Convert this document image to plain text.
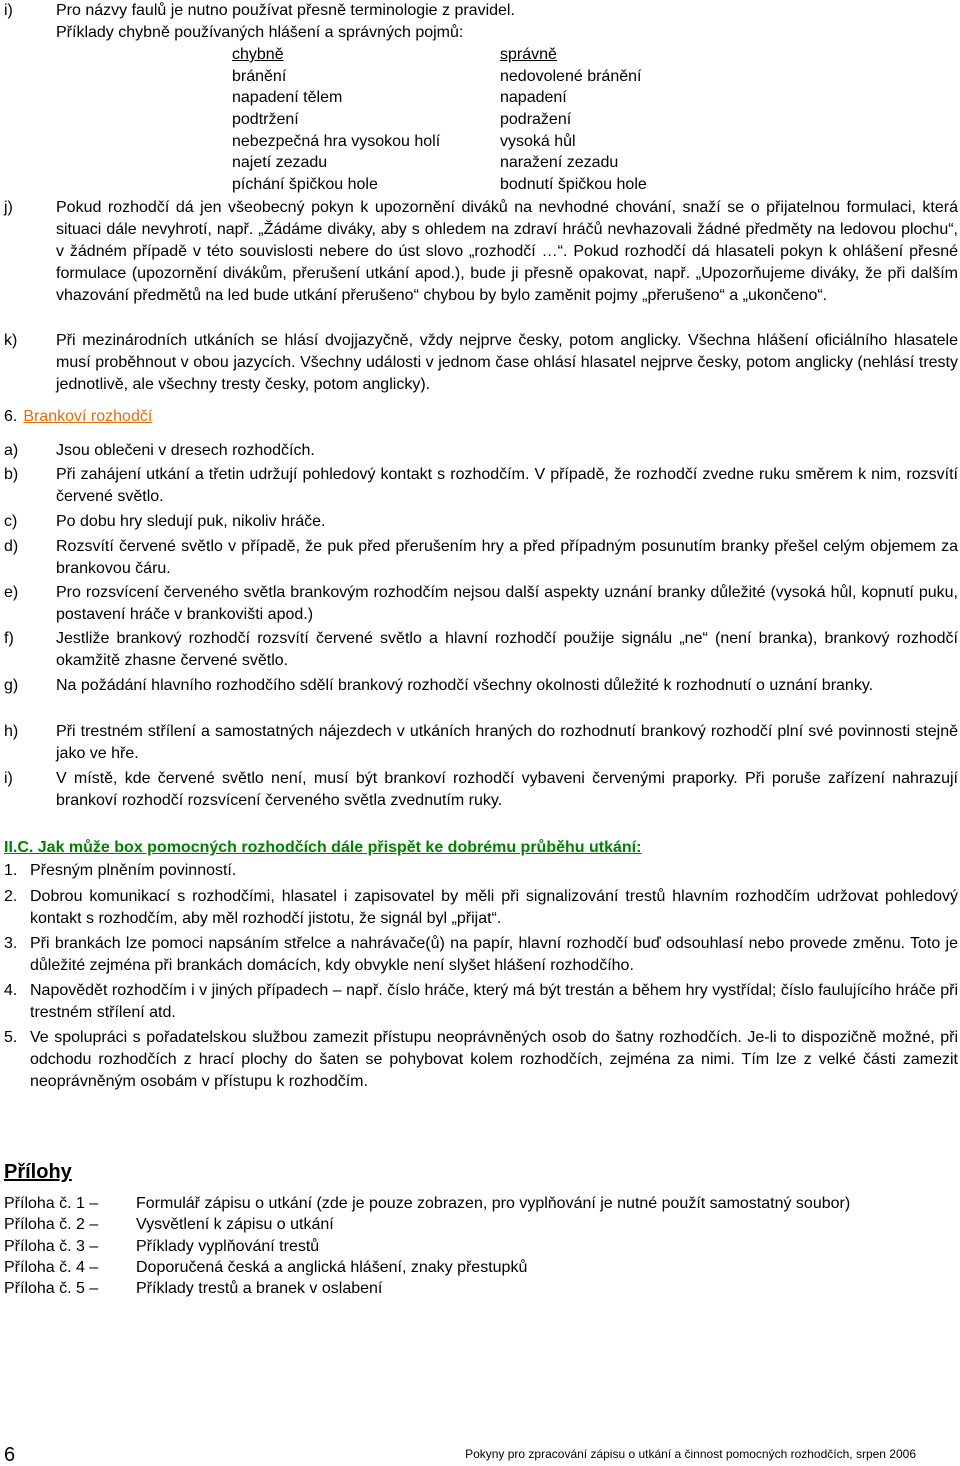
i)	Pro názvy faulů je nutno používat přesně terminologie z pravidel.
Příklady chybně používaných hlášení a správných pojmů:
chybně	správně
bránění	nedovolené bránění
napadení tělem	napadení
podtržení	podražení
nebezpečná hra vysokou holí	vysoká hůl
najetí zezadu	naražení zezadu
píchání špičkou hole	bodnutí špičkou hole
j)	Pokud rozhodčí dá jen všeobecný pokyn k upozornění diváků na nevhodné chování, snaží se o přijatelnou formulaci, která situaci dále nevyhrotí, např. „Žádáme diváky, aby s ohledem na zdraví hráčů nevhazovali žádné předměty na ledovou plochu“, v žádném případě v této souvislosti nebere do úst slovo „rozhodčí …“. Pokud rozhodčí dá hlasateli pokyn k ohlášení přesné formulace (upozornění divákům, přerušení utkání apod.), bude ji přesně opakovat, např. „Upozorňujeme diváky, že při dalším vhazování předmětů na led bude utkání přerušeno“ chybou by bylo zaměnit pojmy „přerušeno“ a „ukončeno“.
k) Při mezinárodních utkáních se hlásí dvojjazyčně, vždy nejprve česky, potom anglicky. Všechna hlášení oficiálního hlasatele musí proběhnout v obou jazycích. Všechny události v jednom čase ohlásí hlasatel nejprve česky, potom anglicky (nehlásí tresty jednotlivě, ale všechny tresty česky, potom anglicky).
6. Brankoví rozhodčí
a) Jsou oblečeni v dresech rozhodčích.
b) Při zahájení utkání a třetin udržují pohledový kontakt s rozhodčím. V případě, že rozhodčí zvedne ruku směrem k nim, rozsvítí červené světlo.
c) Po dobu hry sledují puk, nikoliv hráče.
d) Rozsvítí červené světlo v případě, že puk před přerušením hry a před případným posunutím branky přešel celým objemem za brankovou čáru.
e) Pro rozsvícení červeného světla brankovým rozhodčím nejsou další aspekty uznání branky důležité (vysoká hůl, kopnutí puku, postavení hráče v brankovišti apod.)
f)	Jestliže brankový rozhodčí rozsvítí červené světlo a hlavní rozhodčí použije signálu „ne“ (není branka), brankový rozhodčí okamžitě zhasne červené světlo.
g) Na požádání hlavního rozhodčího sdělí brankový rozhodčí všechny okolnosti důležité k rozhodnutí o uznání branky.
h) Při trestném střílení a samostatných nájezdech v utkáních hraných do rozhodnutí brankový rozhodčí plní své povinnosti stejně jako ve hře.
i)	V místě, kde červené světlo není, musí být brankoví rozhodčí vybaveni červenými praporky. Při poruše zařízení nahrazují brankoví rozhodčí rozsvícení červeného světla zvednutím ruky.
II.C. Jak může box pomocných rozhodčích dále přispět ke dobrému průběhu utkání:
1. Přesným plněním povinností.
2. Dobrou komunikací s rozhodčími, hlasatel i zapisovatel by měli při signalizování trestů hlavním rozhodčím udržovat pohledový kontakt s rozhodčím, aby měl rozhodčí jistotu, že signál byl „přijat“.
3. Při brankách lze pomoci napsáním střelce a nahrávače(ů) na papír, hlavní rozhodčí buď odsouhlasí nebo provede změnu. Toto je důležité zejména při brankách domácích, kdy obvykle není slyšet hlášení rozhodčího.
4. Napovědět rozhodčím i v jiných případech – např. číslo hráče, který má být trestán a během hry vystřídal; číslo faulujícího hráče při trestném střílení atd.
5. Ve spolupráci s pořadatelskou službou zamezit přístupu neoprávněných osob do šatny rozhodčích. Je-li to dispozičně možné, při odchodu rozhodčích z hrací plochy do šaten se pohybovat kolem rozhodčích, zejména za nimi. Tím lze z velké části zamezit neoprávněným osobám v přístupu k rozhodčím.
Přílohy
Příloha č. 1 – Formulář zápisu o utkání (zde je pouze zobrazen, pro vyplňování je nutné použít samostatný soubor)
Příloha č. 2 – Vysvětlení k zápisu o utkání
Příloha č. 3 – Příklady vyplňování trestů
Příloha č. 4 – Doporučená česká a anglická hlášení, znaky přestupků
Příloha č. 5 – Příklady trestů a branek v oslabení
6	Pokyny pro zpracování zápisu o utkání a činnost pomocných rozhodčích, srpen 2006
